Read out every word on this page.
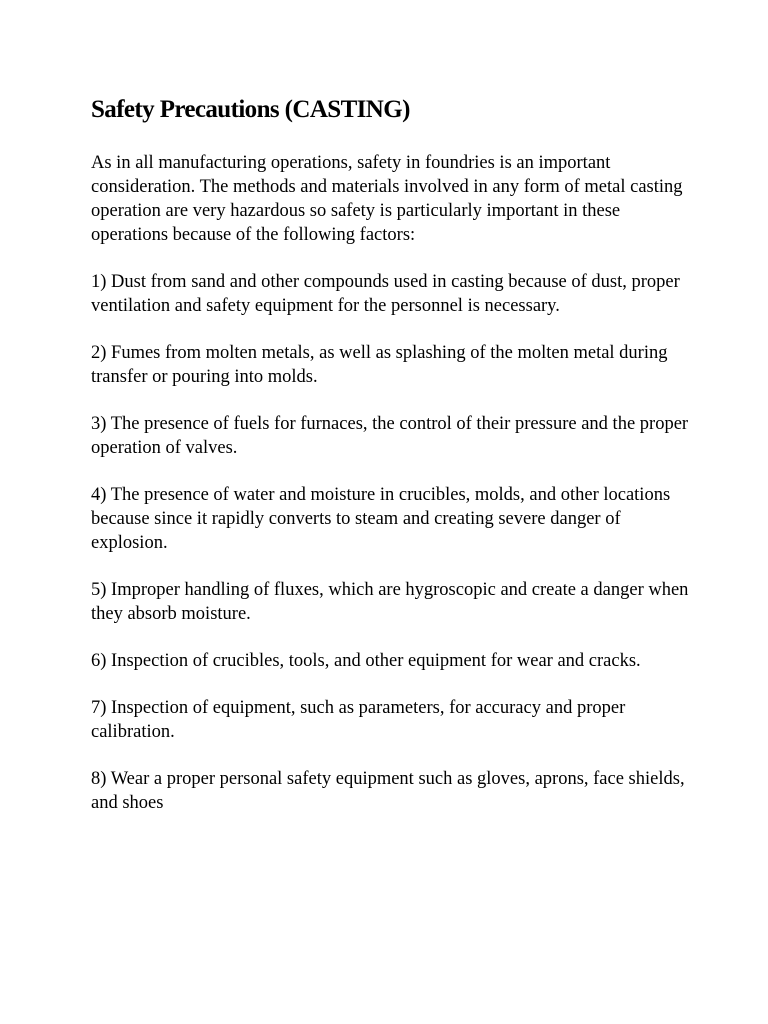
Safety Precautions (CASTING)

As in all manufacturing operations, safety in foundries is an important consideration. The methods and materials involved in any form of metal casting operation are very hazardous so safety is particularly important in these operations because of the following factors:

1) Dust from sand and other compounds used in casting because of dust, proper ventilation and safety equipment for the personnel is necessary.

2) Fumes from molten metals, as well as splashing of the molten metal during transfer or pouring into molds.

3) The presence of fuels for furnaces, the control of their pressure and the proper operation of valves.

4) The presence of water and moisture in crucibles, molds, and other locations because since it rapidly converts to steam and creating severe danger of explosion.

5) Improper handling of fluxes, which are hygroscopic and create a danger when they absorb moisture.

6) Inspection of crucibles, tools, and other equipment for wear and cracks.

7) Inspection of equipment, such as parameters, for accuracy and proper calibration.

8) Wear a proper personal safety equipment such as gloves, aprons, face shields, and shoes
